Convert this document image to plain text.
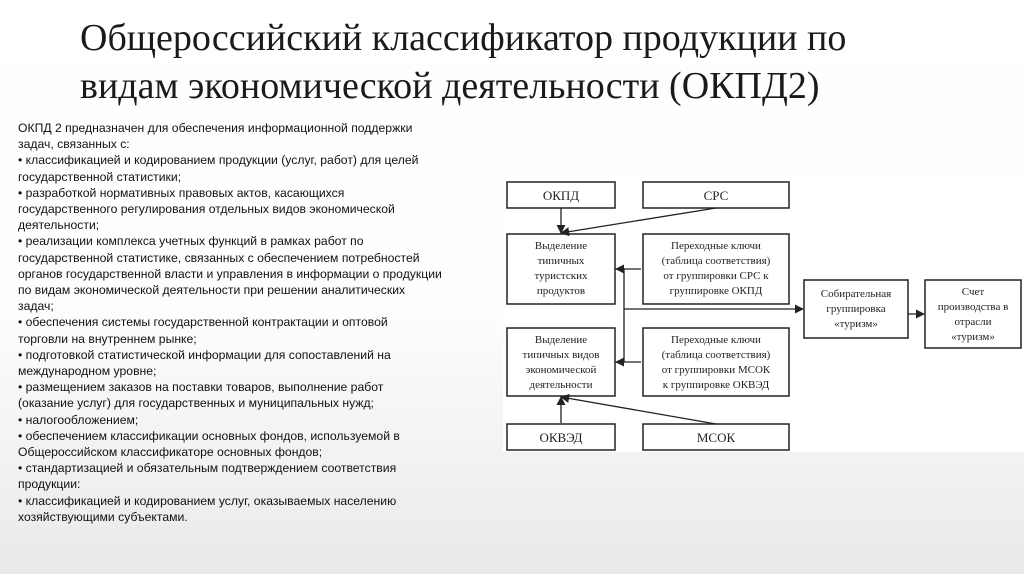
Общероссийский классификатор продукции по
видам экономической деятельности (ОКПД2)
ОКПД 2 предназначен для обеспечения информационной поддержки
задач, связанных с:
• классификацией и кодированием продукции (услуг, работ) для целей
государственной статистики;
• разработкой нормативных правовых актов, касающихся
государственного регулирования отдельных видов экономической
деятельности;
• реализации комплекса учетных функций в рамках работ по
государственной статистике, связанных с обеспечением потребностей
органов государственной власти и управления в информации о продукции
по видам экономической деятельности при решении аналитических
задач;
• обеспечения системы государственной контрактации и оптовой
торговли на внутреннем рынке;
• подготовкой статистической информации для сопоставлений на
международном уровне;
• размещением заказов на поставки товаров, выполнение работ
(оказание услуг) для государственных и муниципальных нужд;
• налогообложением;
• обеспечением классификации основных фондов, используемой в
Общероссийском классификаторе основных фондов;
• стандартизацией и обязательным подтверждением соответствия
продукции:
• классификацией и кодированием услуг, оказываемых населению
хозяйствующими субъектами.
ОКПД	СРС
Выделение
типичных
туристских
продуктов
Переходные ключи
(таблица соответствия)
от группировки СРС к
группировке ОКПД	Собирательная
группировка
«туризм»
Счет
производства в
отрасли
«туризм»
Выделение
типичных видов
экономической
деятельности
Переходные ключи
(таблица соответствия)
от группировки МСОК
к группировке ОКВЭД
ОКВЭД	МСОК
